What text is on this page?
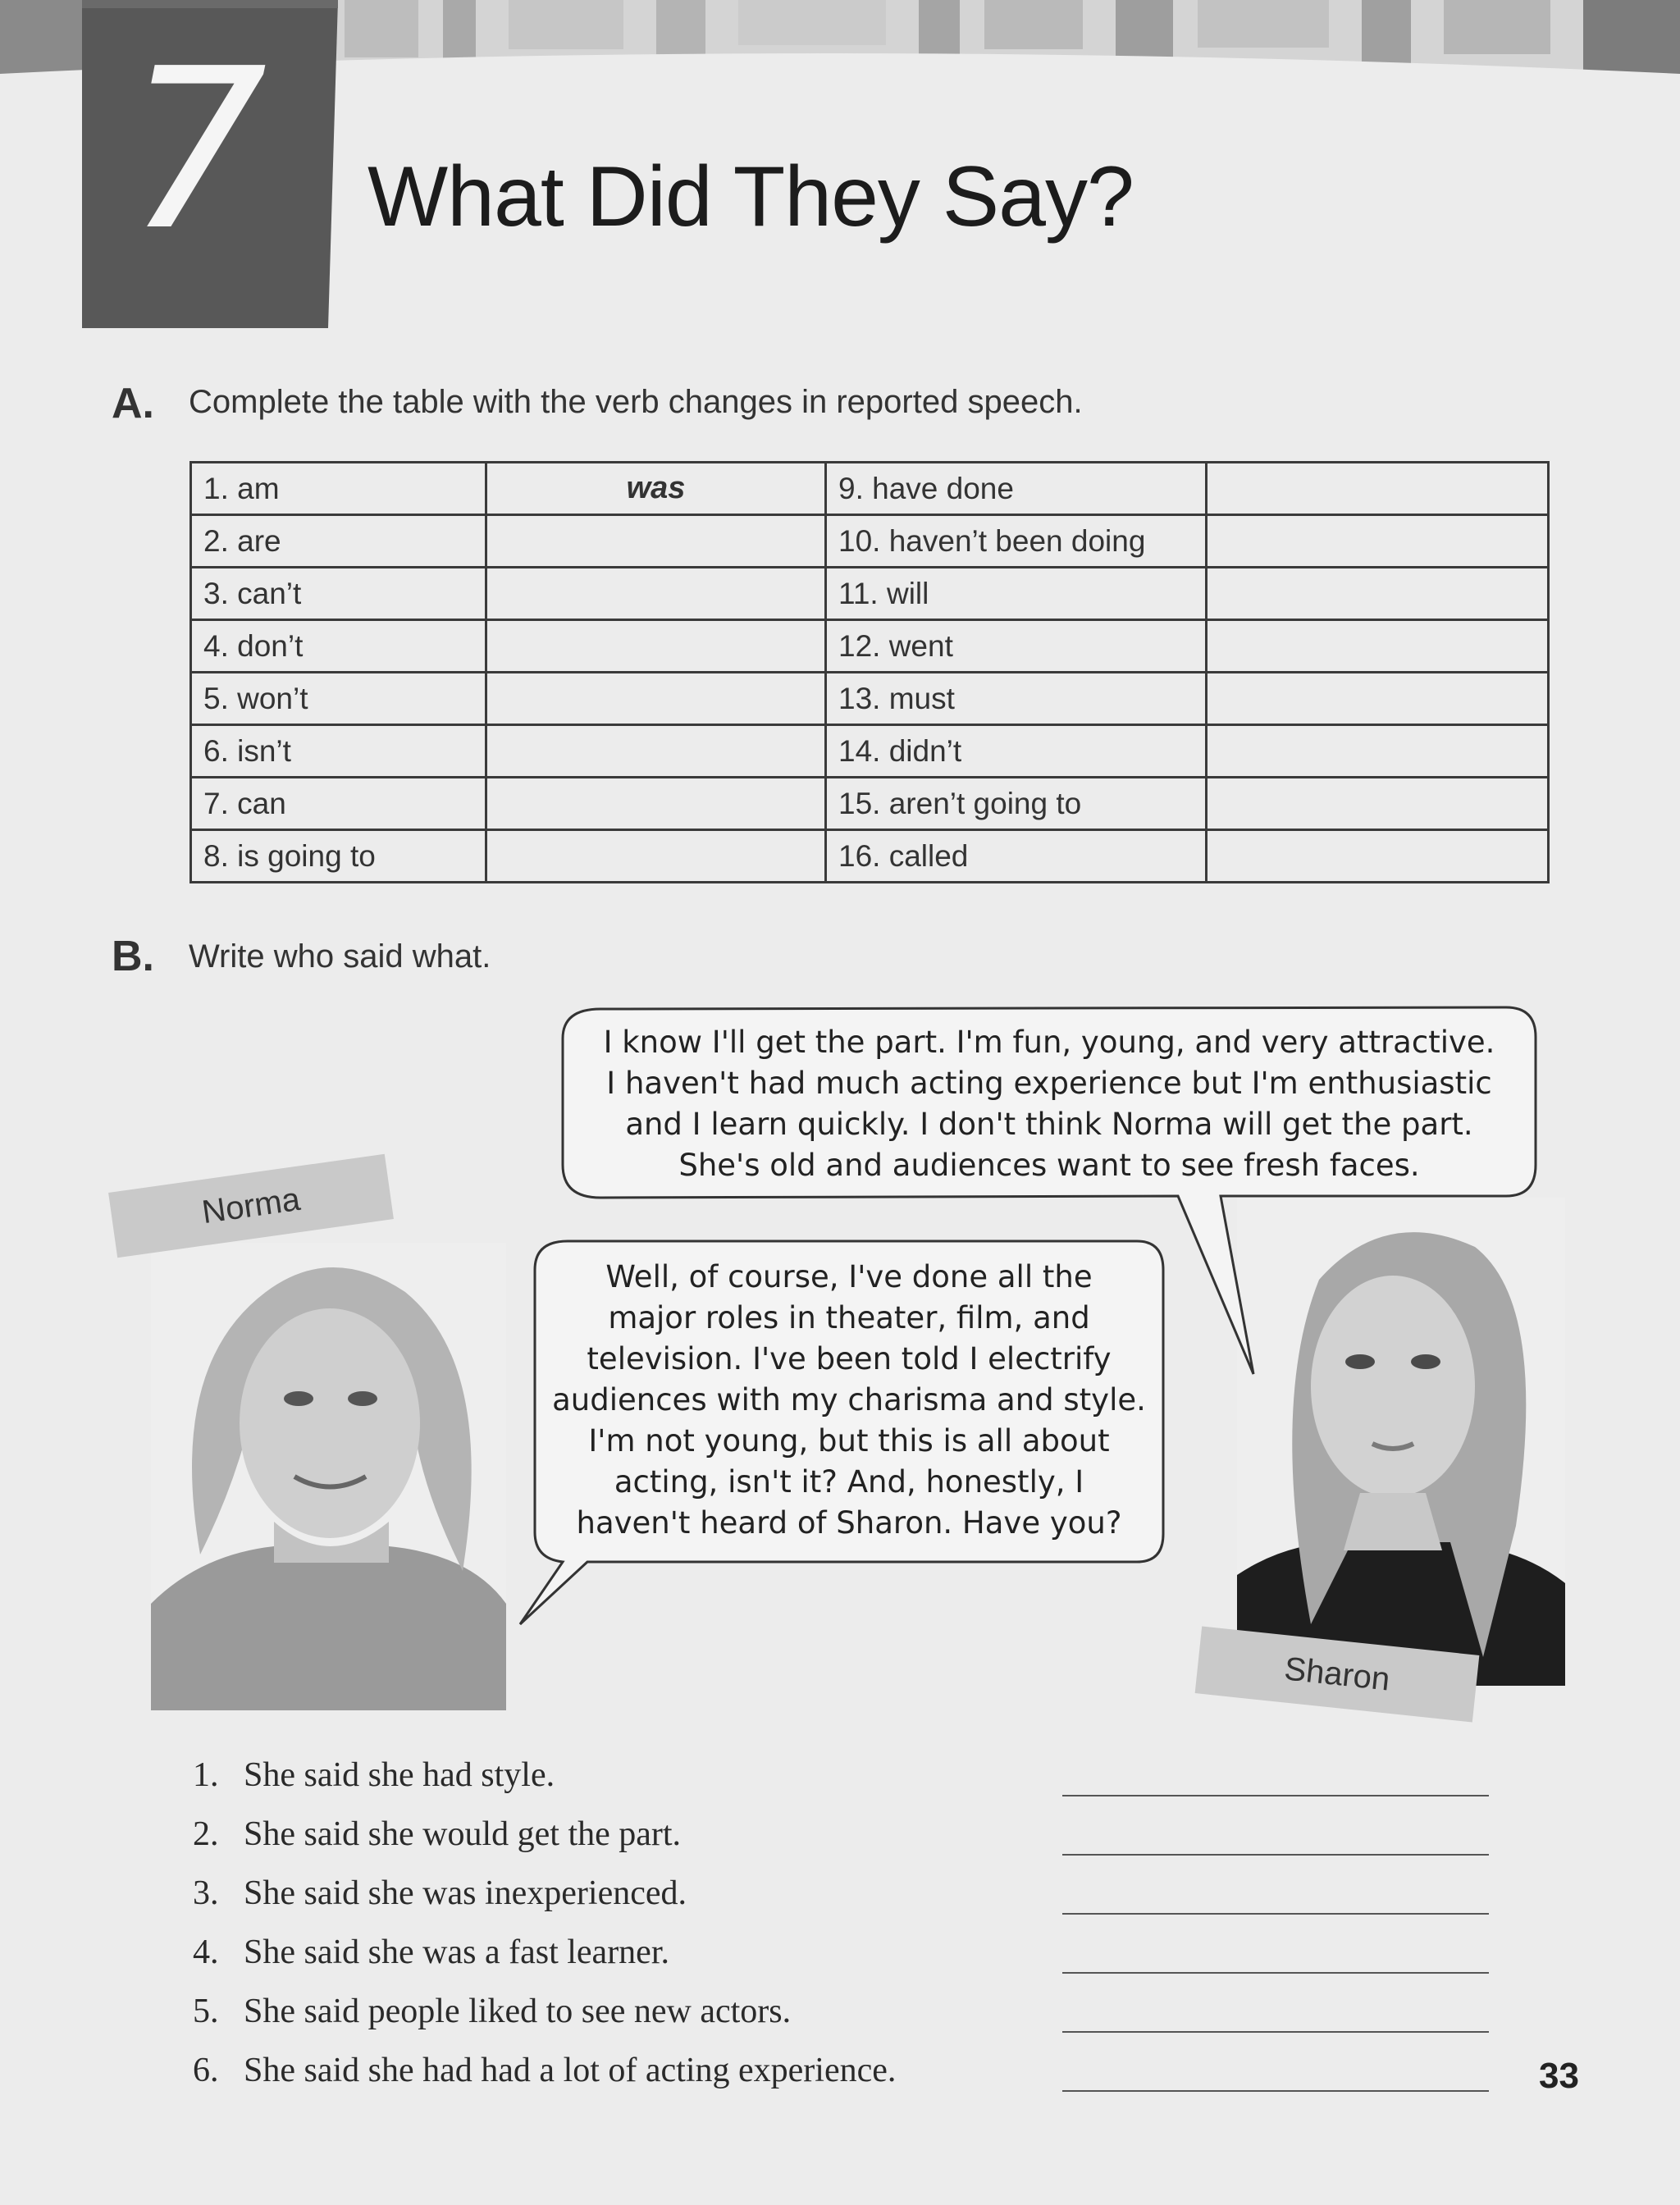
7 What Did They Say?
A. Complete the table with the verb changes in reported speech.
1. am	was	9. have done	
2. are		10. haven’t been doing	
3. can’t		11. will	
4. don’t		12. went	
5. won’t		13. must	
6. isn’t		14. didn’t	
7. can		15. aren’t going to	
8. is going to		16. called	
B. Write who said what.
Norma
Sharon
I know I'll get the part. I'm fun, young, and very attractive.
I haven't had much acting experience but I'm enthusiastic
and I learn quickly. I don't think Norma will get the part.
She's old and audiences want to see fresh faces.
Well, of course, I've done all the
major roles in theater, film, and
television. I've been told I electrify
audiences with my charisma and style.
I'm not young, but this is all about
acting, isn't it? And, honestly, I
haven't heard of Sharon. Have you?
1. She said she had style.
2. She said she would get the part.
3. She said she was inexperienced.
4. She said she was a fast learner.
5. She said people liked to see new actors.
6. She said she had had a lot of acting experience.	33
